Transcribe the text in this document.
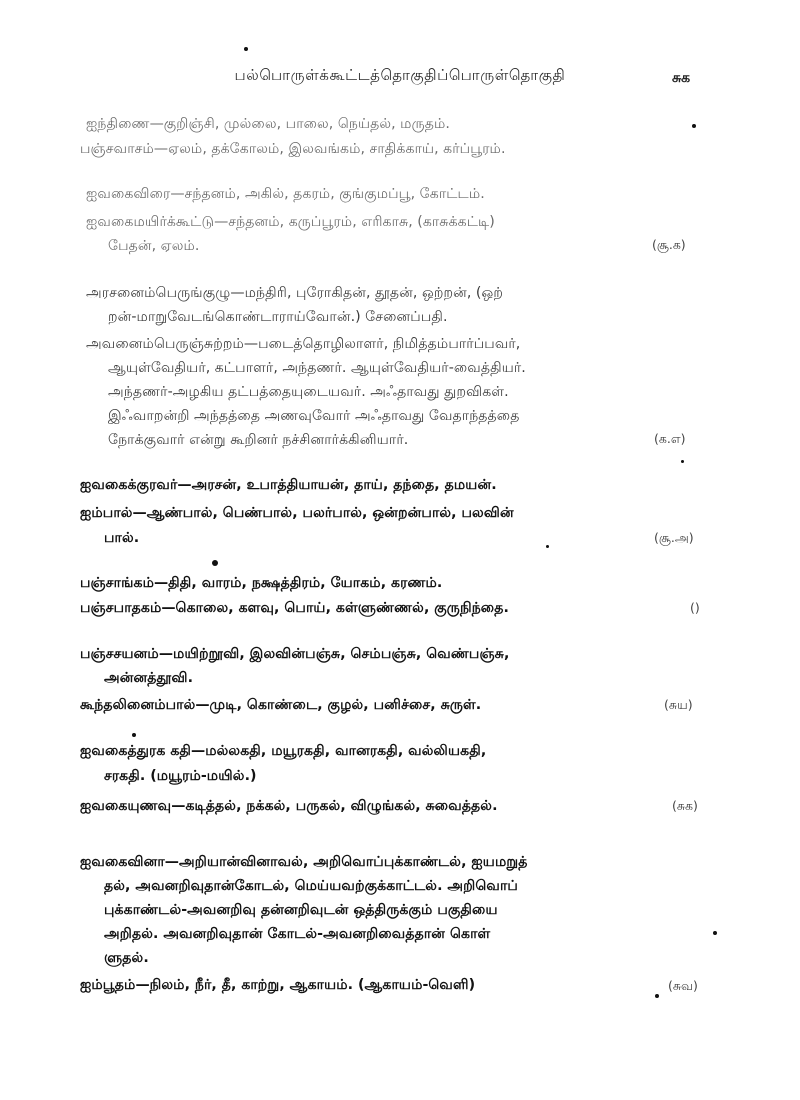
பல்பொருள்க்கூட்டத்தொகுதிப்பொருள்தொகுதி	சுக
ஐந்திணை—குறிஞ்சி, முல்லை, பாலை, நெய்தல், மருதம்.
பஞ்சவாசம்—ஏலம், தக்கோலம், இலவங்கம், சாதிக்காய், கர்ப்பூரம்.
ஐவகைவிரை—சந்தனம், அகில், தகரம், குங்குமப்பூ, கோட்டம்.
ஐவகைமயிர்க்கூட்டு—சந்தனம், கருப்பூரம், எரிகாசு, (காசுக்கட்டி)
பேதன், ஏலம்.	(சூ.க)
அரசனைம்பெருங்குழு—மந்திரி, புரோகிதன், தூதன், ஒற்றன், (ஒற்
றன்-மாறுவேடங்கொண்டாராய்வோன்.) சேனைப்பதி.
அவனைம்பெருஞ்சுற்றம்—படைத்தொழிலாளர், நிமித்தம்பார்ப்பவர்,
ஆயுள்வேதியர், கட்பாளர், அந்தணர். ஆயுள்வேதியர்-வைத்தியர்.
அந்தணர்-அழகிய தட்பத்தையுடையவர். அஃதாவது துறவிகள்.
இஃவாறன்றி அந்தத்தை அணவுவோர் அஃதாவது வேதாந்தத்தை
நோக்குவார் என்று கூறினர் நச்சினார்க்கினியார்.	(க.எ)
ஐவகைக்குரவர்—அரசன், உபாத்தியாயன், தாய், தந்தை, தமயன்.
ஐம்பால்—ஆண்பால், பெண்பால், பலர்பால், ஒன்றன்பால், பலவின்
பால்.	(சூ.அ)
பஞ்சாங்கம்—திதி, வாரம், நக்ஷத்திரம், யோகம், கரணம்.
பஞ்சபாதகம்—கொலை, களவு, பொய், கள்ளுண்ணல், குருநிந்தை.	()
பஞ்சசயனம்—மயிற்றூவி, இலவின்பஞ்சு, செம்பஞ்சு, வெண்பஞ்சு,
அன்னத்தூவி.
கூந்தலினைம்பால்—முடி, கொண்டை, குழல், பனிச்சை, சுருள்.	(சுய)
ஐவகைத்துரக கதி—மல்லகதி, மயூரகதி, வானரகதி, வல்லியகதி,
சரகதி. (மயூரம்-மயில்.)
ஐவகையுணவு—கடித்தல், நக்கல், பருகல், விழுங்கல், சுவைத்தல்.	(சுக)
ஐவகைவினா—அறியான்வினாவல், அறிவொப்புக்காண்டல், ஐயமறுத்
தல், அவனறிவுதான்கோடல், மெய்யவற்குக்காட்டல். அறிவொப்
புக்காண்டல்-அவனறிவு தன்னறிவுடன் ஒத்திருக்கும் பகுதியை
அறிதல். அவனறிவுதான் கோடல்-அவனறிவைத்தான் கொள்
ளுதல்.
ஐம்பூதம்—நிலம், நீர், தீ, காற்று, ஆகாயம். (ஆகாயம்-வெளி)	(சுவ)
